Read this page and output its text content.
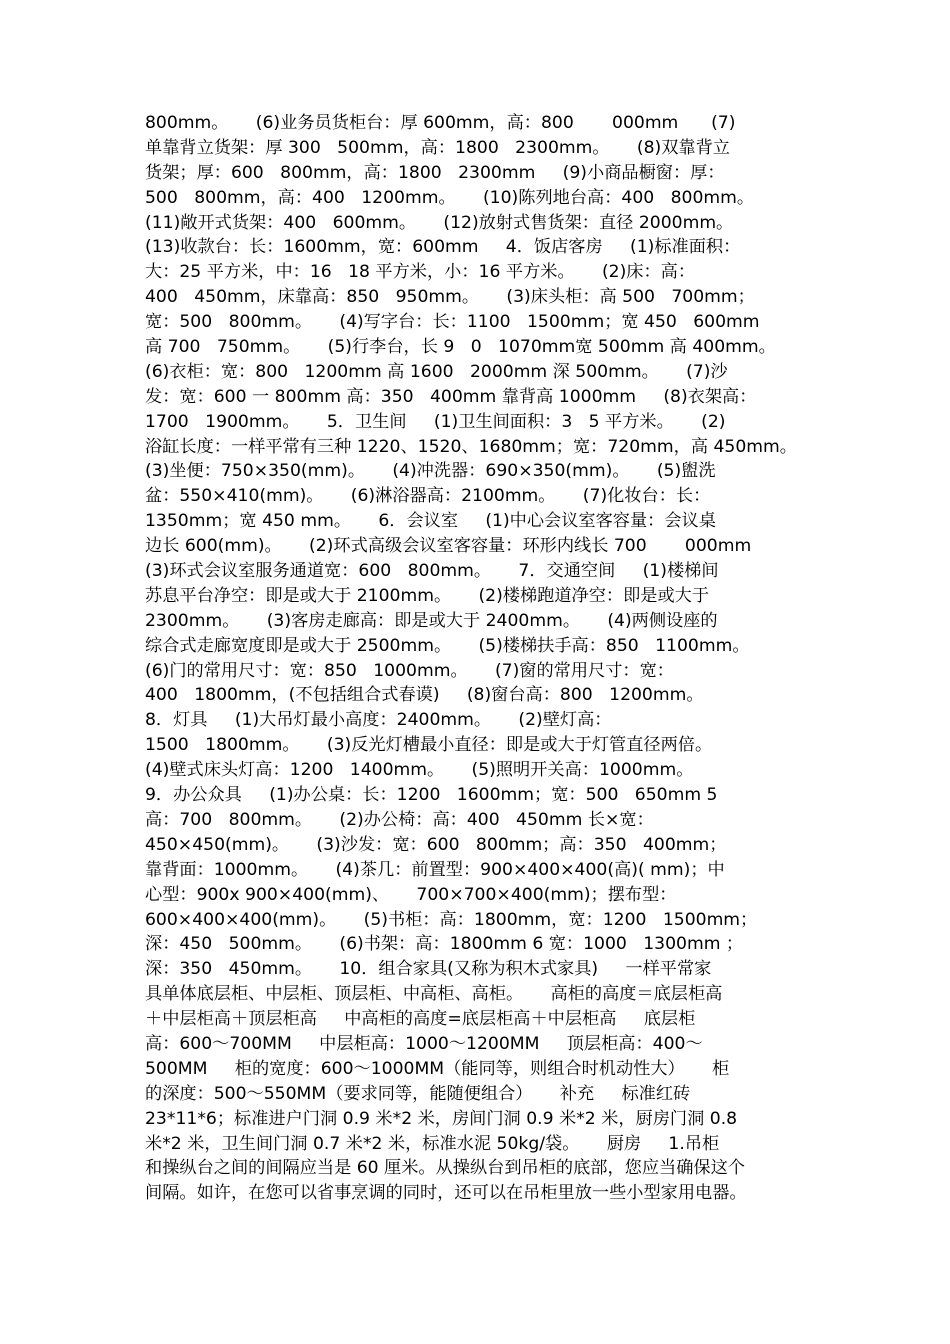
800mm。     (6)业务员货柜台：厚 600mm，高：800       000mm      (7)
单靠背立货架：厚 300   500mm，高：1800   2300mm。     (8)双靠背立
货架；厚：600   800mm，高：1800   2300mm     (9)小商品橱窗：厚：
500   800mm，高：400   1200mm。     (10)陈列地台高：400   800mm。
(11)敞开式货架：400   600mm。     (12)放射式售货架：直径 2000mm。
(13)收款台：长：1600mm，宽：600mm     4．饭店客房     (1)标准面积：
大：25 平方米，中：16   18 平方米，小：16 平方米。     (2)床：高：
400   450mm，床靠高：850   950mm。     (3)床头柜：高 500   700mm；
宽：500   800mm。     (4)写字台：长：1100   1500mm；宽 450   600mm
高 700   750mm。     (5)行李台，长 9   0   1070mm宽 500mm 高 400mm。
(6)衣柜：宽：800   1200mm 高 1600   2000mm 深 500mm。     (7)沙
发：宽：600 一 800mm 高：350   400mm 靠背高 1000mm     (8)衣架高：
1700   1900mm。     5．卫生间     (1)卫生间面积：3   5 平方米。     (2)
浴缸长度：一样平常有三种 1220、1520、1680mm；宽：720mm，高 450mm。
(3)坐便：750×350(mm)。     (4)冲洗器：690×350(mm)。     (5)盥洗
盆：550×410(mm)。     (6)淋浴器高：2100mm。     (7)化妆台：长：
1350mm；宽 450 mm。     6．会议室     (1)中心会议室客容量：会议桌
边长 600(mm)。     (2)环式高级会议室客容量：环形内线长 700       000mm
(3)环式会议室服务通道宽：600   800mm。     7．交通空间     (1)楼梯间
苏息平台净空：即是或大于 2100mm。     (2)楼梯跑道净空：即是或大于
2300mm。     (3)客房走廊高：即是或大于 2400mm。     (4)两侧设座的
综合式走廊宽度即是或大于 2500mm。     (5)楼梯扶手高：850   1100mm。
(6)门的常用尺寸：宽：850   1000mm。     (7)窗的常用尺寸：宽：
400   1800mm，(不包括组合式春谟)     (8)窗台高：800   1200mm。
8．灯具     (1)大吊灯最小高度：2400mm。     (2)壁灯高：
1500   1800mm。     (3)反光灯槽最小直径：即是或大于灯管直径两倍。
(4)壁式床头灯高：1200   1400mm。     (5)照明开关高：1000mm。
9．办公众具     (1)办公桌：长：1200   1600mm；宽：500   650mm 5
高：700   800mm。     (2)办公椅：高：400   450mm 长×宽：
450×450(mm)。     (3)沙发：宽：600   800mm；高：350   400mm；
靠背面：1000mm。     (4)茶几：前置型：900×400×400(高)( mm)；中
心型：900x 900×400(mm)、     700×700×400(mm)；摆布型：
600×400×400(mm)。     (5)书柜：高：1800mm，宽：1200   1500mm；
深：450   500mm。     (6)书架：高：1800mm 6 宽：1000   1300mm ；
深：350   450mm。     10．组合家具(又称为积木式家具)     一样平常家
具单体底层柜、中层柜、顶层柜、中高柜、高柜。     高柜的高度＝底层柜高
＋中层柜高＋顶层柜高     中高柜的高度=底层柜高＋中层柜高     底层柜
高：600～700MM     中层柜高：1000～1200MM     顶层柜高：400～
500MM     柜的宽度：600～1000MM（能同等，则组合时机动性大）     柜
的深度：500～550MM（要求同等，能随便组合）     补充     标准红砖
23*11*6；标准进户门洞 0.9 米*2 米，房间门洞 0.9 米*2 米，厨房门洞 0.8
米*2 米，卫生间门洞 0.7 米*2 米，标准水泥 50kg/袋。     厨房     1.吊柜
和操纵台之间的间隔应当是 60 厘米。从操纵台到吊柜的底部，您应当确保这个
间隔。如许，在您可以省事烹调的同时，还可以在吊柜里放一些小型家用电器。
